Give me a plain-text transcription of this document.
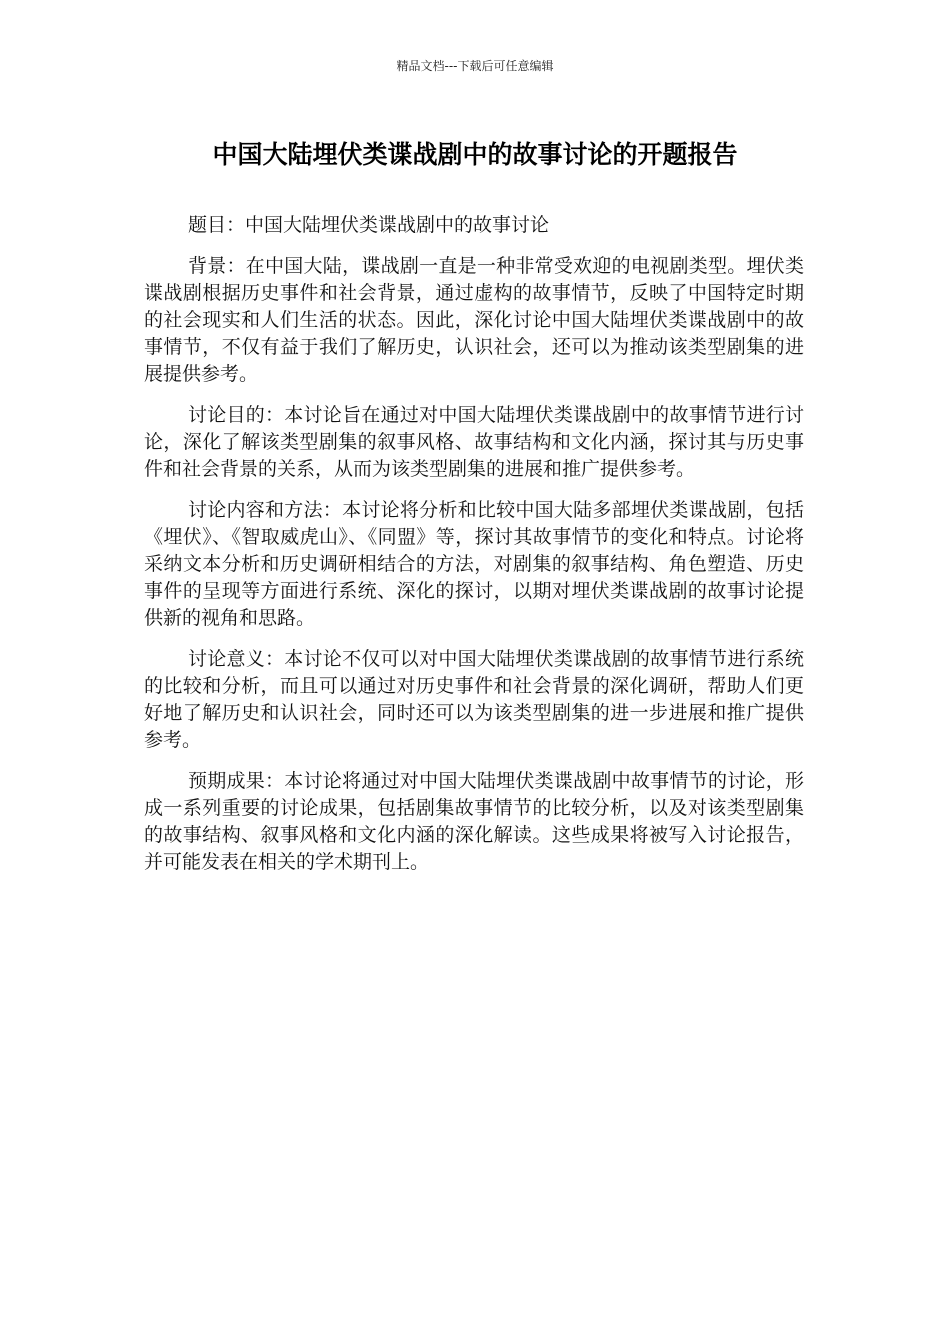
精品文档---下载后可任意编辑
中国大陆埋伏类谍战剧中的故事讨论的开题报告

题目：中国大陆埋伏类谍战剧中的故事讨论

背景：在中国大陆，谍战剧一直是一种非常受欢迎的电视剧类型。埋伏类谍战剧根据历史事件和社会背景，通过虚构的故事情节，反映了中国特定时期的社会现实和人们生活的状态。因此，深化讨论中国大陆埋伏类谍战剧中的故事情节，不仅有益于我们了解历史，认识社会，还可以为推动该类型剧集的进展提供参考。

讨论目的：本讨论旨在通过对中国大陆埋伏类谍战剧中的故事情节进行讨论，深化了解该类型剧集的叙事风格、故事结构和文化内涵，探讨其与历史事件和社会背景的关系，从而为该类型剧集的进展和推广提供参考。

讨论内容和方法：本讨论将分析和比较中国大陆多部埋伏类谍战剧，包括《埋伏》、《智取威虎山》、《同盟》等，探讨其故事情节的变化和特点。讨论将采纳文本分析和历史调研相结合的方法，对剧集的叙事结构、角色塑造、历史事件的呈现等方面进行系统、深化的探讨，以期对埋伏类谍战剧的故事讨论提供新的视角和思路。

讨论意义：本讨论不仅可以对中国大陆埋伏类谍战剧的故事情节进行系统的比较和分析，而且可以通过对历史事件和社会背景的深化调研，帮助人们更好地了解历史和认识社会，同时还可以为该类型剧集的进一步进展和推广提供参考。

预期成果：本讨论将通过对中国大陆埋伏类谍战剧中故事情节的讨论，形成一系列重要的讨论成果，包括剧集故事情节的比较分析，以及对该类型剧集的故事结构、叙事风格和文化内涵的深化解读。这些成果将被写入讨论报告，并可能发表在相关的学术期刊上。
